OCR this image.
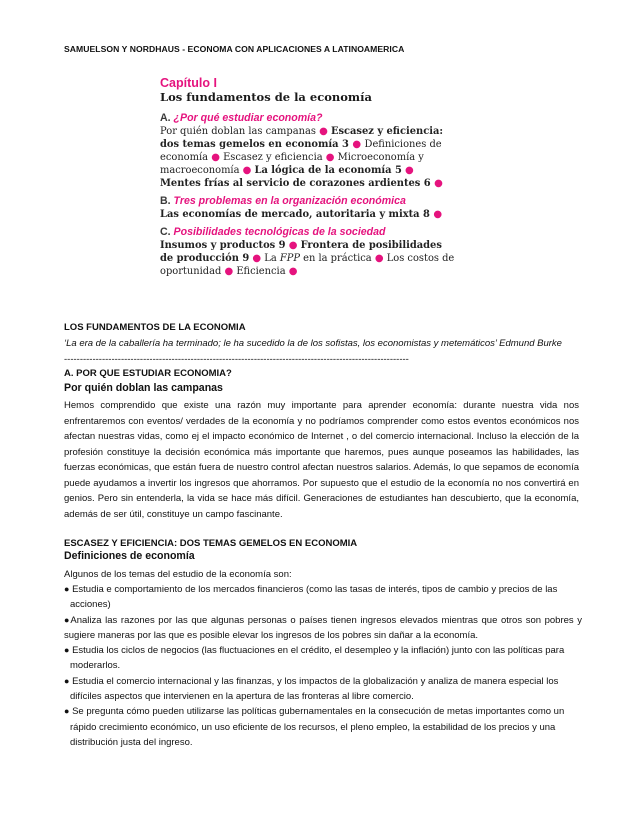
SAMUELSON Y NORDHAUS - ECONOMA CON APLICACIONES A LATINOAMERICA
Capítulo I
Los fundamentos de la economía
A. ¿Por qué estudiar economía?
Por quién doblan las campanas ● Escasez y eficiencia:
dos temas gemelos en economía 3 ● Definiciones de
economía ● Escasez y eficiencia ● Microeconomía y
macroeconomía ● La lógica de la economía 5 ●
Mentes frías al servicio de corazones ardientes 6 ●
B. Tres problemas en la organización económica
Las economías de mercado, autoritaria y mixta 8 ●
C. Posibilidades tecnológicas de la sociedad
Insumos y productos 9 ● Frontera de posibilidades
de producción 9 ● La FPP en la práctica ● Los costos de
oportunidad ● Eficiencia ●
LOS FUNDAMENTOS DE LA ECONOMIA
‘La era de la caballería ha terminado; le ha sucedido la de los sofistas, los economistas y metemáticos’ Edmund Burke
-------------------------------------------------------------------------------------------------------------
A. POR QUE ESTUDIAR ECONOMIA?
Por quién doblan las campanas
Hemos comprendido que existe una razón muy importante para aprender economía: durante nuestra vida nos enfrentaremos con eventos/ verdades de la economía y no podríamos comprender como estos eventos económicos nos afectan nuestras vidas, como ej el impacto económico de Internet , o del comercio internacional. Incluso la elección de la profesión constituye la decisión económica más importante que haremos, pues aunque poseamos las habilidades, las fuerzas económicas, que están fuera de nuestro control afectan nuestros salarios. Además, lo que sepamos de economía puede ayudamos a invertir los ingresos que ahorramos. Por supuesto que el estudio de la economía no nos convertirá en genios. Pero sin entenderla, la vida se hace más difícil. Generaciones de estudiantes han descubierto, que la economía, además de ser útil, constituye un campo fascinante.
ESCASEZ Y EFICIENCIA: DOS TEMAS GEMELOS EN ECONOMIA
Definiciones de economía
Algunos de los temas del estudio de la economía son:
● Estudia e comportamiento de los mercados financieros (como las tasas de interés, tipos de cambio y precios de las
acciones)
●Analiza las razones por las que algunas personas o países tienen ingresos elevados mientras que otros son pobres y
sugiere maneras por las que es posible elevar los ingresos de los pobres sin dañar a la economía.
● Estudia los ciclos de negocios (las fluctuaciones en el crédito, el desempleo y la inflación) junto con las políticas para
moderarlos.
● Estudia el comercio internacional y las finanzas, y los impactos de la globalización y analiza de manera especial los
difíciles aspectos que intervienen en la apertura de las fronteras al libre comercio.
● Se pregunta cómo pueden utilizarse las políticas gubernamentales en la consecución de metas importantes como un
rápido crecimiento económico, un uso eficiente de los recursos, el pleno empleo, la estabilidad de los precios y una
distribución justa del ingreso.
